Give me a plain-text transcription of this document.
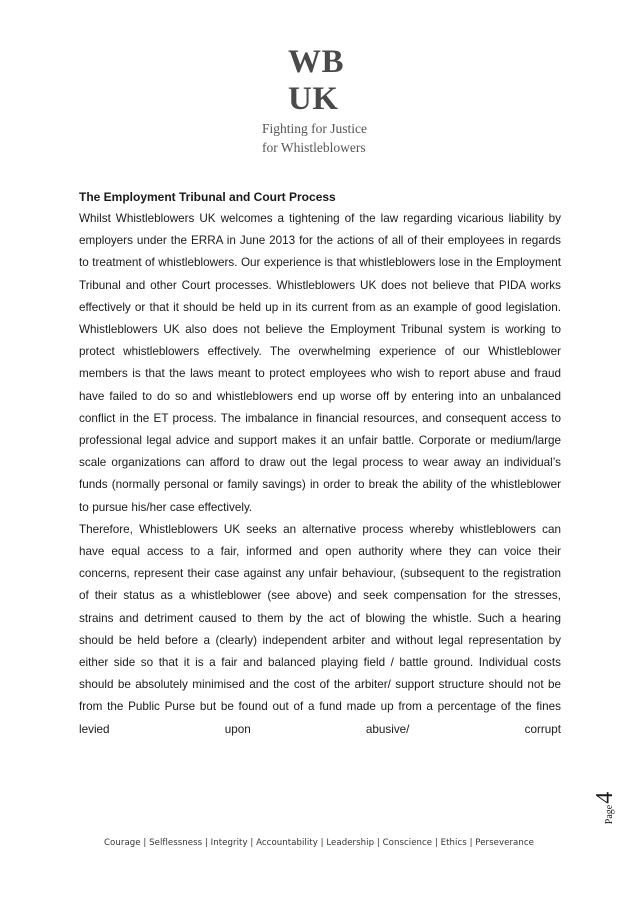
WB
UK
Fighting for Justice
for Whistleblowers
The Employment Tribunal and Court Process

Whilst Whistleblowers UK welcomes a tightening of the law regarding vicarious liability by employers under the ERRA in June 2013 for the actions of all of their employees in regards to treatment of whistleblowers. Our experience is that whistleblowers lose in the Employment Tribunal and other Court processes. Whistleblowers UK does not believe that PIDA works effectively or that it should be held up in its current from as an example of good legislation. Whistleblowers UK also does not believe the Employment Tribunal system is working to protect whistleblowers effectively. The overwhelming experience of our Whistleblower members is that the laws meant to protect employees who wish to report abuse and fraud have failed to do so and whistleblowers end up worse off by entering into an unbalanced conflict in the ET process. The imbalance in financial resources, and consequent access to professional legal advice and support makes it an unfair battle. Corporate or medium/large scale organizations can afford to draw out the legal process to wear away an individual’s funds (normally personal or family savings) in order to break the ability of the whistleblower to pursue his/her case effectively.

Therefore, Whistleblowers UK seeks an alternative process whereby whistleblowers can have equal access to a fair, informed and open authority where they can voice their concerns, represent their case against any unfair behaviour, (subsequent to the registration of their status as a whistleblower (see above) and seek compensation for the stresses, strains and detriment caused to them by the act of blowing the whistle. Such a hearing should be held before a (clearly) independent arbiter and without legal representation by either side so that it is a fair and balanced playing field / battle ground. Individual costs should be absolutely minimised and the cost of the arbiter/ support structure should not be from the Public Purse but be found out of a fund made up from a percentage of the fines levied upon abusive/ corrupt

Page
4
Courage | Selflessness | Integrity | Accountability | Leadership | Conscience | Ethics | Perseverance
